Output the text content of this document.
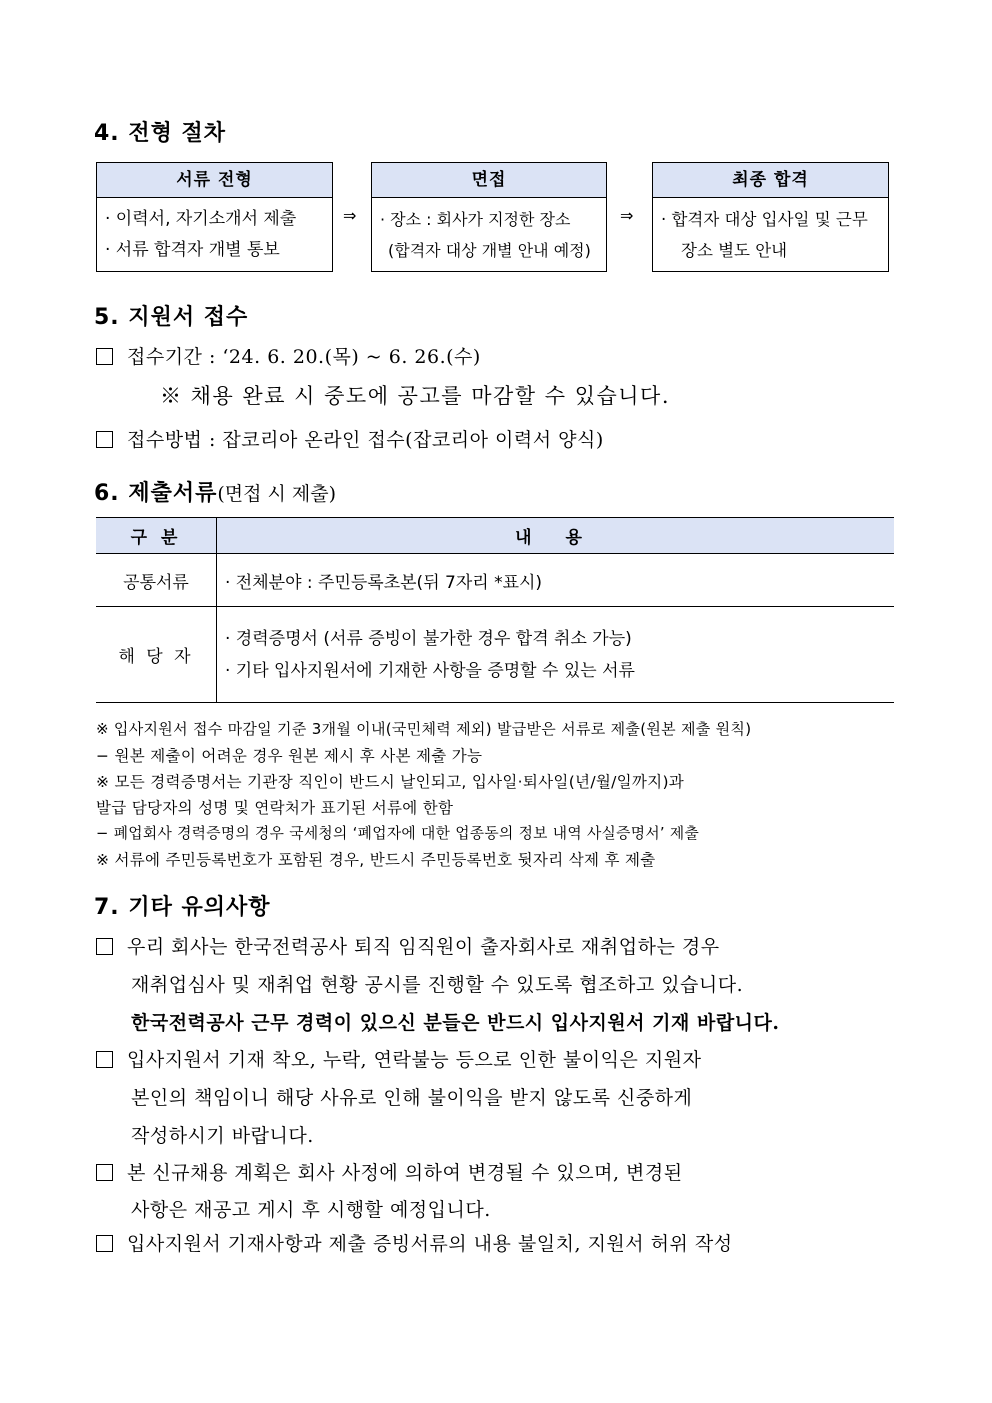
4. 전형 절차
서류 전형
· 이력서, 자기소개서 제출
· 서류 합격자 개별 통보
⇒
면접
· 장소 : 회사가 지정한 장소
(합격자 대상 개별 안내 예정)
⇒
최종 합격
· 합격자 대상 입사일 및 근무
장소 별도 안내
5. 지원서 접수
접수기간 : ‘24. 6. 20.(목) ~ 6. 26.(수)
※ 채용 완료 시 중도에 공고를 마감할 수 있습니다.
접수방법 : 잡코리아 온라인 접수(잡코리아 이력서 양식)
6. 제출서류(면접 시 제출)
구 분	내 용
공통서류	· 전체분야 : 주민등록초본(뒤 7자리 *표시)
해 당 자	· 경력증명서 (서류 증빙이 불가한 경우 합격 취소 가능)
· 기타 입사지원서에 기재한 사항을 증명할 수 있는 서류
※ 입사지원서 접수 마감일 기준 3개월 이내(국민체력 제외) 발급받은 서류로 제출(원본 제출 원칙)
− 원본 제출이 어려운 경우 원본 제시 후 사본 제출 가능
※ 모든 경력증명서는 기관장 직인이 반드시 날인되고, 입사일·퇴사일(년/월/일까지)과
발급 담당자의 성명 및 연락처가 표기된 서류에 한함
− 폐업회사 경력증명의 경우 국세청의 ‘폐업자에 대한 업종동의 정보 내역 사실증명서’ 제출
※ 서류에 주민등록번호가 포함된 경우, 반드시 주민등록번호 뒷자리 삭제 후 제출
7. 기타 유의사항
우리 회사는 한국전력공사 퇴직 임직원이 출자회사로 재취업하는 경우
재취업심사 및 재취업 현황 공시를 진행할 수 있도록 협조하고 있습니다.
한국전력공사 근무 경력이 있으신 분들은 반드시 입사지원서 기재 바랍니다.
입사지원서 기재 착오, 누락, 연락불능 등으로 인한 불이익은 지원자
본인의 책임이니 해당 사유로 인해 불이익을 받지 않도록 신중하게
작성하시기 바랍니다.
본 신규채용 계획은 회사 사정에 의하여 변경될 수 있으며, 변경된
사항은 재공고 게시 후 시행할 예정입니다.
입사지원서 기재사항과 제출 증빙서류의 내용 불일치, 지원서 허위 작성
